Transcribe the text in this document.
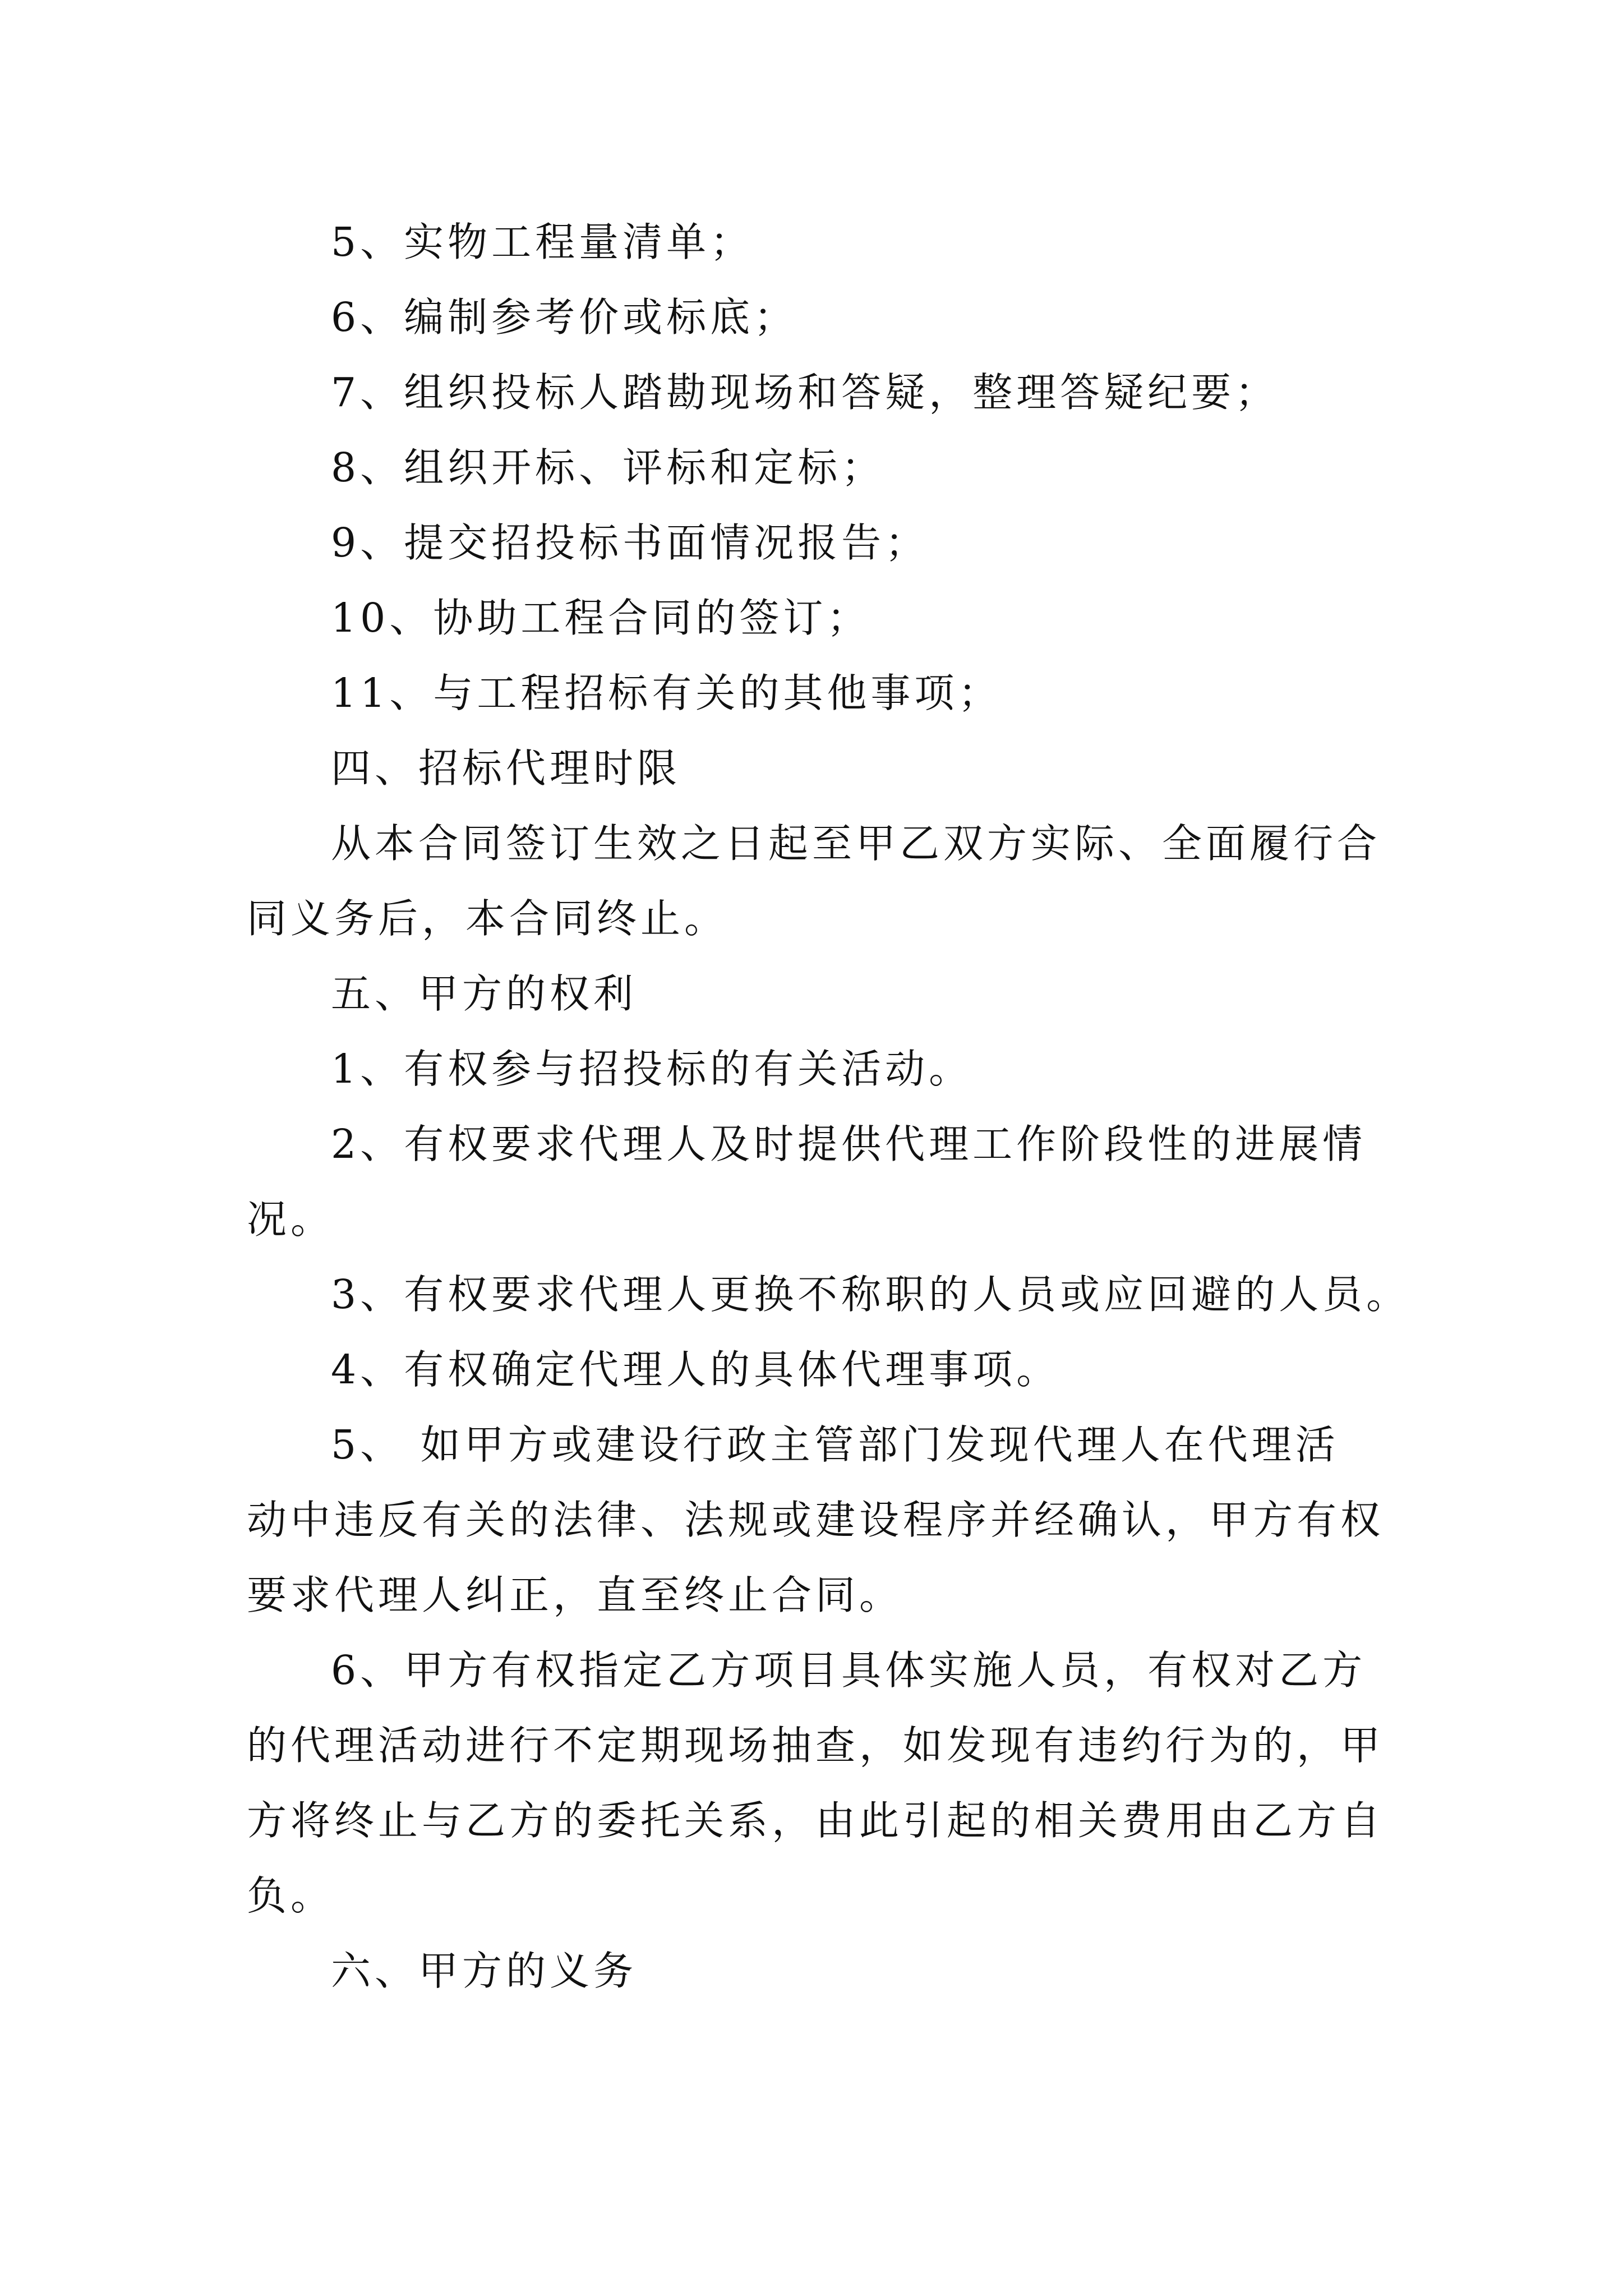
5、实物工程量清单；
6、编制参考价或标底；
7、组织投标人踏勘现场和答疑，整理答疑纪要；
8、组织开标、评标和定标；
9、提交招投标书面情况报告；
10、协助工程合同的签订；
11、与工程招标有关的其他事项；
四、招标代理时限
从本合同签订生效之日起至甲乙双方实际、全面履行合
同义务后，本合同终止。
五、甲方的权利
1、有权参与招投标的有关活动。
2、有权要求代理人及时提供代理工作阶段性的进展情
况。
3、有权要求代理人更换不称职的人员或应回避的人员。
4、有权确定代理人的具体代理事项。
5、 如甲方或建设行政主管部门发现代理人在代理活
动中违反有关的法律、法规或建设程序并经确认，甲方有权
要求代理人纠正，直至终止合同。
6、甲方有权指定乙方项目具体实施人员，有权对乙方
的代理活动进行不定期现场抽查，如发现有违约行为的，甲
方将终止与乙方的委托关系，由此引起的相关费用由乙方自
负。
六、甲方的义务
